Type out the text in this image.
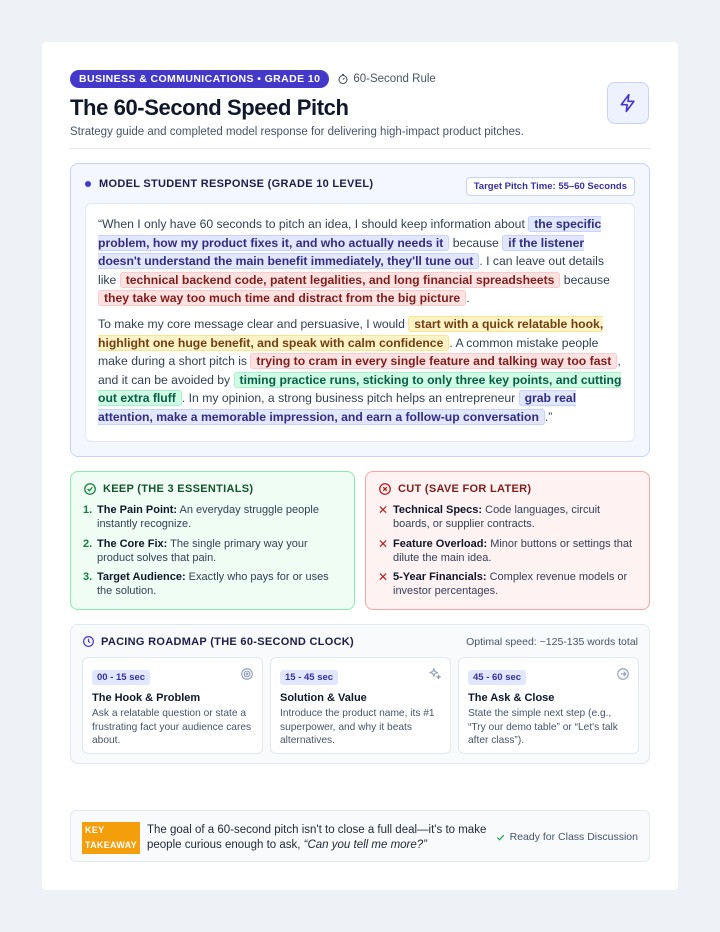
BUSINESS & COMMUNICATIONS • GRADE 10	60-Second Rule
The 60-Second Speed Pitch
Strategy guide and completed model response for delivering high-impact product pitches.
MODEL STUDENT RESPONSE (GRADE 10 LEVEL)	Target Pitch Time: 55–60 Seconds

“When I only have 60 seconds to pitch an idea, I should keep information about the specific problem, how my product fixes it, and who actually needs it because if the listener doesn't understand the main benefit immediately, they'll tune out . I can leave out details like technical backend code, patent legalities, and long financial spreadsheets because they take way too much time and distract from the big picture .

To make my core message clear and persuasive, I would start with a quick relatable hook, highlight one huge benefit, and speak with calm confidence . A common mistake people make during a short pitch is trying to cram in every single feature and talking way too fast , and it can be avoided by timing practice runs, sticking to only three key points, and cutting out extra fluff . In my opinion, a strong business pitch helps an entrepreneur grab real attention, make a memorable impression, and earn a follow-up conversation .”

KEEP (THE 3 ESSENTIALS)
1. The Pain Point: An everyday struggle people instantly recognize.
2. The Core Fix: The single primary way your product solves that pain.
3. Target Audience: Exactly who pays for or uses the solution.
CUT (SAVE FOR LATER)
✕ Technical Specs: Code languages, circuit boards, or supplier contracts.
✕ Feature Overload: Minor buttons or settings that dilute the main idea.
✕ 5-Year Financials: Complex revenue models or investor percentages.
PACING ROADMAP (THE 60-SECOND CLOCK)	Optimal speed: ~125-135 words total
00 - 15 sec
The Hook & Problem
Ask a relatable question or state a frustrating fact your audience cares about.
15 - 45 sec
Solution & Value
Introduce the product name, its #1 superpower, and why it beats alternatives.
45 - 60 sec
The Ask & Close
State the simple next step (e.g., “Try our demo table” or “Let's talk after class”).
KEY TAKEAWAY
The goal of a 60-second pitch isn't to close a full deal—it's to make people curious enough to ask, “Can you tell me more?”
Ready for Class Discussion
